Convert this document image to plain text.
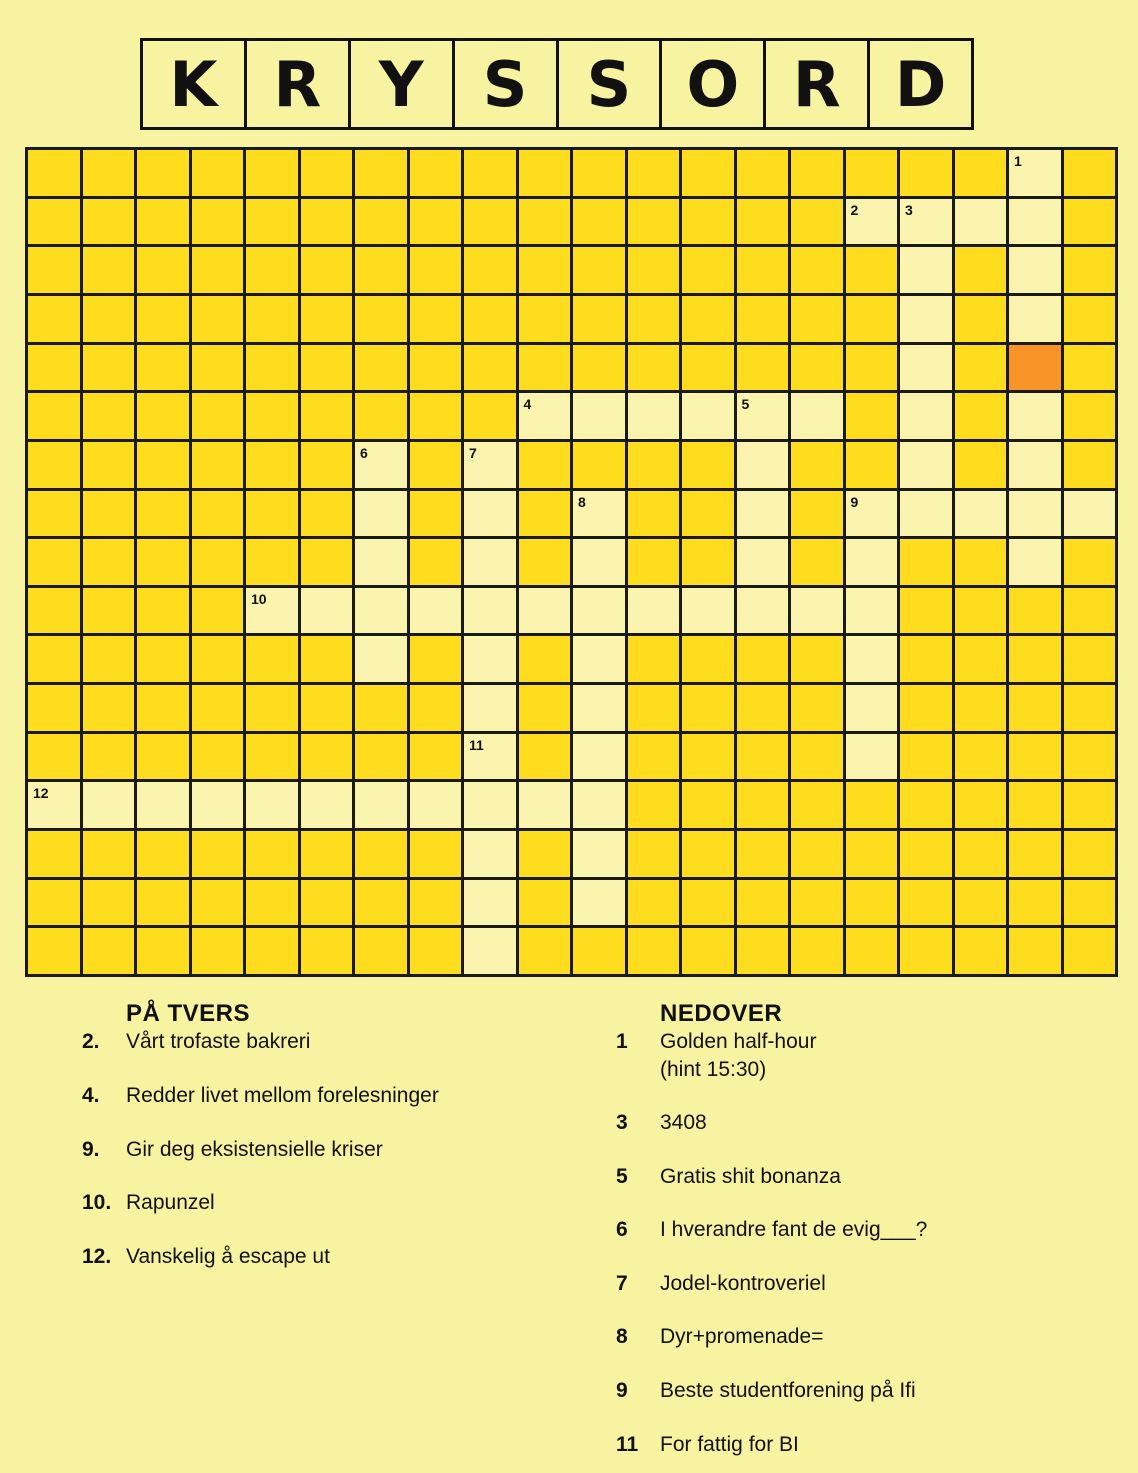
K R Y S S O R D
1
2	3
4	5
6	7
8	9
10
11
12
PÅ TVERS
2. Vårt trofaste bakreri
4. Redder livet mellom forelesninger
9. Gir deg eksistensielle kriser
10. Rapunzel
12. Vanskelig å escape ut
NEDOVER
1 Golden half-hour
(hint 15:30)
3 3408
5 Gratis shit bonanza
6 I hverandre fant de evig___?
7 Jodel-kontroveriel
8 Dyr+promenade=
9 Beste studentforening på Ifi
11 For fattig for BI
